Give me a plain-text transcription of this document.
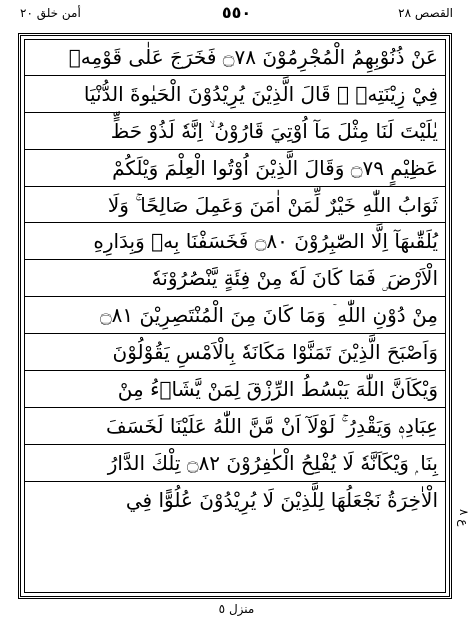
أمن خلق ٢٠	٥٥٠	القصص ٢٨
عَنْ ذُنُوْبِهِمُ الْمُجْرِمُوْنَ ۝٧٨ فَخَرَجَ عَلٰى قَوْمِهٖ
فِيْ زِيْنَتِهٖ ۭ قَالَ الَّذِيْنَ يُرِيْدُوْنَ الْحَيٰوةَ الدُّنْيَا
يٰلَيْتَ لَنَا مِثْلَ مَآ اُوْتِيَ قَارُوْنُ ۙ اِنَّهٗ لَذُوْ حَظٍّ
عَظِيْمٍ ۝٧٩ وَقَالَ الَّذِيْنَ اُوْتُوا الْعِلْمَ وَيْلَكُمْ
ثَوَابُ اللّٰهِ خَيْرٌ لِّمَنْ اٰمَنَ وَعَمِلَ صَالِحًا ۚ وَلَا
يُلَقّٰىهَآ اِلَّا الصّٰبِرُوْنَ ۝٨٠ فَخَسَفْنَا بِهٖ وَبِدَارِهِ
الْاَرْضَ ۣ فَمَا كَانَ لَهٗ مِنْ فِئَةٍ يَّنْصُرُوْنَهٗ
مِنْ دُوْنِ اللّٰهِ ۤ وَمَا كَانَ مِنَ الْمُنْتَصِرِيْنَ ۝٨١
وَاَصْبَحَ الَّذِيْنَ تَمَنَّوْا مَكَانَهٗ بِالْاَمْسِ يَقُوْلُوْنَ
وَيْكَاَنَّ اللّٰهَ يَبْسُطُ الرِّزْقَ لِمَنْ يَّشَاۗءُ مِنْ
عِبَادِهٖ وَيَقْدِرُ ۚ لَوْلَآ اَنْ مَّنَّ اللّٰهُ عَلَيْنَا لَخَسَفَ
بِنَا ۭ وَيْكَاَنَّهٗ لَا يُفْلِحُ الْكٰفِرُوْنَ ۝٨٢ تِلْكَ الدَّارُ
الْاٰخِرَةُ نَجْعَلُهَا لِلَّذِيْنَ لَا يُرِيْدُوْنَ عُلُوًّا فِي
ع ٨
منزل ٥
